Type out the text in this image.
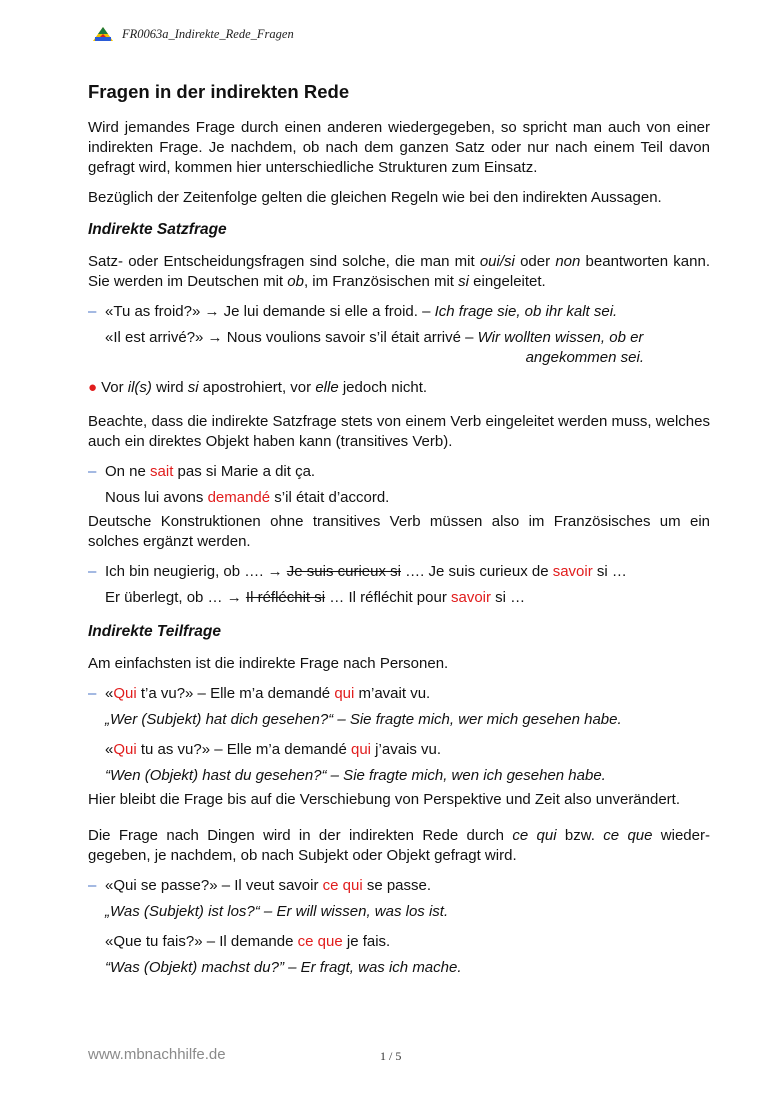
FR0063a_Indirekte_Rede_Fragen
Fragen in der indirekten Rede

Wird jemandes Frage durch einen anderen wiedergegeben, so spricht man auch von einer indirekten Frage. Je nachdem, ob nach dem ganzen Satz oder nur nach einem Teil davon gefragt wird, kommen hier unterschiedliche Strukturen zum Einsatz.

Bezüglich der Zeitenfolge gelten die gleichen Regeln wie bei den indirekten Aussagen.

Indirekte Satzfrage

Satz- oder Entscheidungsfragen sind solche, die man mit oui/si oder non beantworten kann. Sie werden im Deutschen mit ob, im Französischen mit si eingeleitet.

– «Tu as froid?» → Je lui demande si elle a froid. – Ich frage sie, ob ihr kalt sei.
«Il est arrivé?» → Nous voulions savoir s’il était arrivé – Wir wollten wissen, ob er
angekommen sei.
● Vor il(s) wird si apostrohiert, vor elle jedoch nicht.

Beachte, dass die indirekte Satzfrage stets von einem Verb eingeleitet werden muss, welches auch ein direktes Objekt haben kann (transitives Verb).

– On ne sait pas si Marie a dit ça.
Nous lui avons demandé s’il était d’accord.

Deutsche Konstruktionen ohne transitives Verb müssen also im Französisches um ein solches ergänzt werden.

– Ich bin neugierig, ob …. → Je suis curieux si …. Je suis curieux de savoir si …
Er überlegt, ob … → Il réfléchit si … Il réfléchit pour savoir si …
Indirekte Teilfrage

Am einfachsten ist die indirekte Frage nach Personen.

– «Qui t’a vu?» – Elle m’a demandé qui m’avait vu.
„Wer (Subjekt) hat dich gesehen?“ – Sie fragte mich, wer mich gesehen habe.
«Qui tu as vu?» – Elle m’a demandé qui j’avais vu.
“Wen (Objekt) hast du gesehen?“ – Sie fragte mich, wen ich gesehen habe.

Hier bleibt die Frage bis auf die Verschiebung von Perspektive und Zeit also unverändert.

Die Frage nach Dingen wird in der indirekten Rede durch ce qui bzw. ce que wieder-gegeben, je nachdem, ob nach Subjekt oder Objekt gefragt wird.

– «Qui se passe?» – Il veut savoir ce qui se passe.
„Was (Subjekt) ist los?“ – Er will wissen, was los ist.
«Que tu fais?» – Il demande ce que je fais.
“Was (Objekt) machst du?” – Er fragt, was ich mache.
www.mbnachhilfe.de	1 / 5
